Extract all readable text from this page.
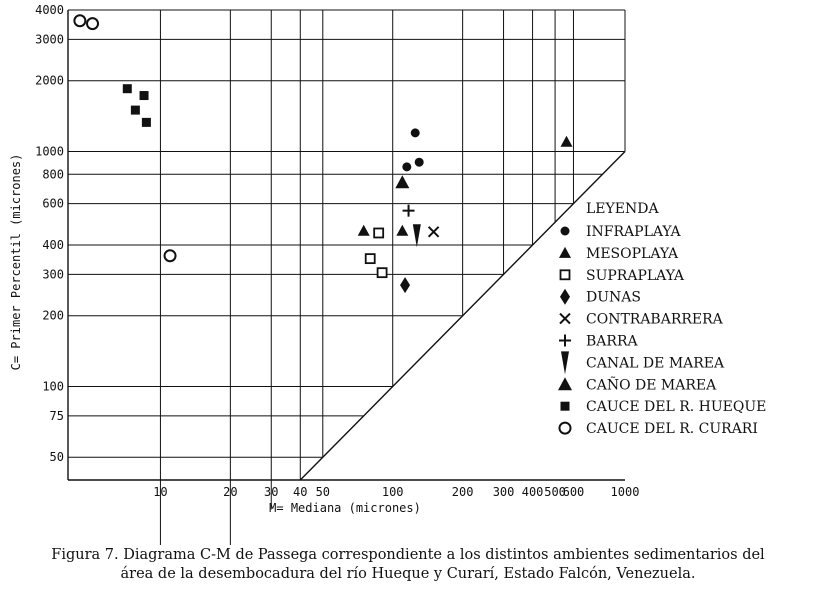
10	20 30 40 50	100	200 300 400 500
600 1000
50
75
100
200
300
400
600
800
1000
2000
3000
4000
M= Mediana (micrones)
C= Primer Percentil (micrones)	LEYENDA
INFRAPLAYA
MESOPLAYA
SUPRAPLAYA
DUNAS
CONTRABARRERA
BARRA
CANAL DE MAREA
CAÑO DE MAREA
CAUCE DEL R. HUEQUE
CAUCE DEL R. CURARI
Figura 7. Diagrama C-M de Passega correspondiente a los distintos ambientes sedimentarios del
área de la desembocadura del río Hueque y Curarí, Estado Falcón, Venezuela.
